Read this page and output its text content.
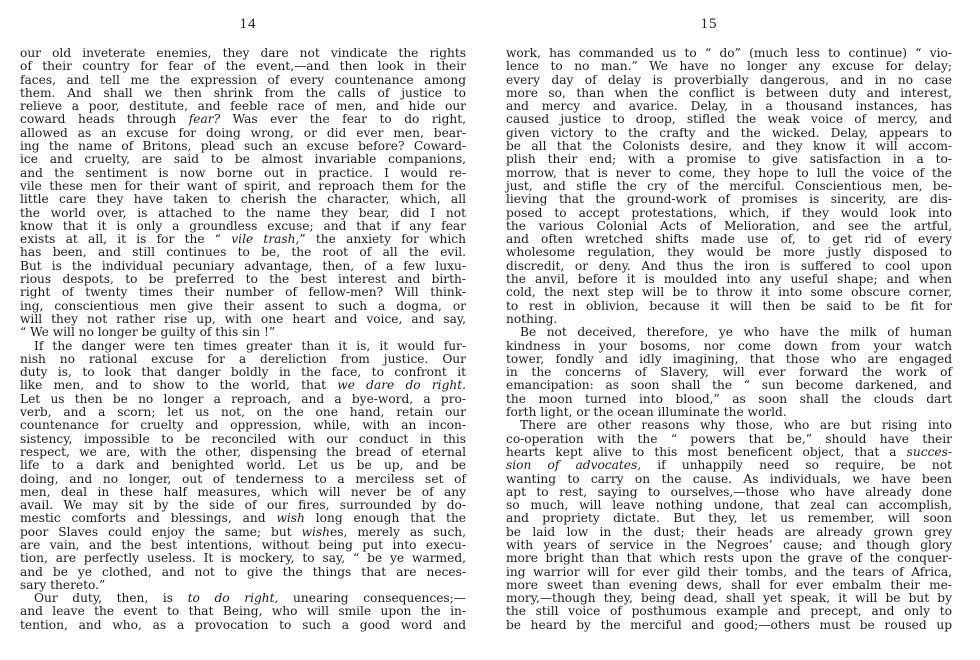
14
our old inveterate enemies, they dare not vindicate the rights
of their country for fear of the event,—and then look in their
faces, and tell me the expression of every countenance among
them. And shall we then shrink from the calls of justice to
relieve a poor, destitute, and feeble race of men, and hide our
coward heads through fear? Was ever the fear to do right,
allowed as an excuse for doing wrong, or did ever men, bear-
ing the name of Britons, plead such an excuse before? Coward-
ice and cruelty, are said to be almost invariable companions,
and the sentiment is now borne out in practice. I would re-
vile these men for their want of spirit, and reproach them for the
little care they have taken to cherish the character, which, all
the world over, is attached to the name they bear, did I not
know that it is only a groundless excuse; and that if any fear
exists at all, it is for the “ vile trash,” the anxiety for which
has been, and still continues to be, the root of all the evil.
But is the individual pecuniary advantage, then, of a few luxu-
rious despots, to be preferred to the best interest and birth-
right of twenty times their number of fellow-men? Will think-
ing, conscientious men give their assent to such a dogma, or
will they not rather rise up, with one heart and voice, and say,
“ We will no longer be guilty of this sin !”
If the danger were ten times greater than it is, it would fur-
nish no rational excuse for a dereliction from justice. Our
duty is, to look that danger boldly in the face, to confront it
like men, and to show to the world, that we dare do right.
Let us then be no longer a reproach, and a bye-word, a pro-
verb, and a scorn; let us not, on the one hand, retain our
countenance for cruelty and oppression, while, with an incon-
sistency, impossible to be reconciled with our conduct in this
respect, we are, with the other, dispensing the bread of eternal
life to a dark and benighted world. Let us be up, and be
doing, and no longer, out of tenderness to a merciless set of
men, deal in these half measures, which will never be of any
avail. We may sit by the side of our fires, surrounded by do-
mestic comforts and blessings, and wish long enough that the
poor Slaves could enjoy the same; but wishes, merely as such,
are vain, and the best intentions, without being put into execu-
tion, are perfectly useless. It is mockery, to say, “ be ye warmed,
and be ye clothed, and not to give the things that are neces-
sary thereto.”
Our duty, then, is to do right, unearing consequences;—
and leave the event to that Being, who will smile upon the in-
tention, and who, as a provocation to such a good word and
15
work, has commanded us to “ do” (much less to continue) “ vio-
lence to no man.” We have no longer any excuse for delay;
every day of delay is proverbially dangerous, and in no case
more so, than when the conflict is between duty and interest,
and mercy and avarice. Delay, in a thousand instances, has
caused justice to droop, stifled the weak voice of mercy, and
given victory to the crafty and the wicked. Delay, appears to
be all that the Colonists desire, and they know it will accom-
plish their end; with a promise to give satisfaction in a to-
morrow, that is never to come, they hope to lull the voice of the
just, and stifle the cry of the merciful. Conscientious men, be-
lieving that the ground-work of promises is sincerity, are dis-
posed to accept protestations, which, if they would look into
the various Colonial Acts of Melioration, and see the artful,
and often wretched shifts made use of, to get rid of every
wholesome regulation, they would be more justly disposed to
discredit, or deny. And thus the iron is suffered to cool upon
the anvil, before it is moulded into any useful shape; and when
cold, the next step will be to throw it into some obscure corner,
to rest in oblivion, because it will then be said to be fit for
nothing.
Be not deceived, therefore, ye who have the milk of human
kindness in your bosoms, nor come down from your watch
tower, fondly and idly imagining, that those who are engaged
in the concerns of Slavery, will ever forward the work of
emancipation: as soon shall the “ sun become darkened, and
the moon turned into blood,” as soon shall the clouds dart
forth light, or the ocean illuminate the world.
There are other reasons why those, who are but rising into
co-operation with the “ powers that be,” should have their
hearts kept alive to this most beneficent object, that a succes-
sion of advocates, if unhappily need so require, be not
wanting to carry on the cause. As individuals, we have been
apt to rest, saying to ourselves,—those who have already done
so much, will leave nothing undone, that zeal can accomplish,
and propriety dictate. But they, let us remember, will soon
be laid low in the dust; their heads are already grown grey
with years of service in the Negroes’ cause; and though glory
more bright than that which rests upon the grave of the conquer-
ing warrior will for ever gild their tombs, and the tears of Africa,
more sweet than evening dews, shall for ever embalm their me-
mory,—though they, being dead, shall yet speak, it will be but by
the still voice of posthumous example and precept, and only to
be heard by the merciful and good;—others must be roused up
